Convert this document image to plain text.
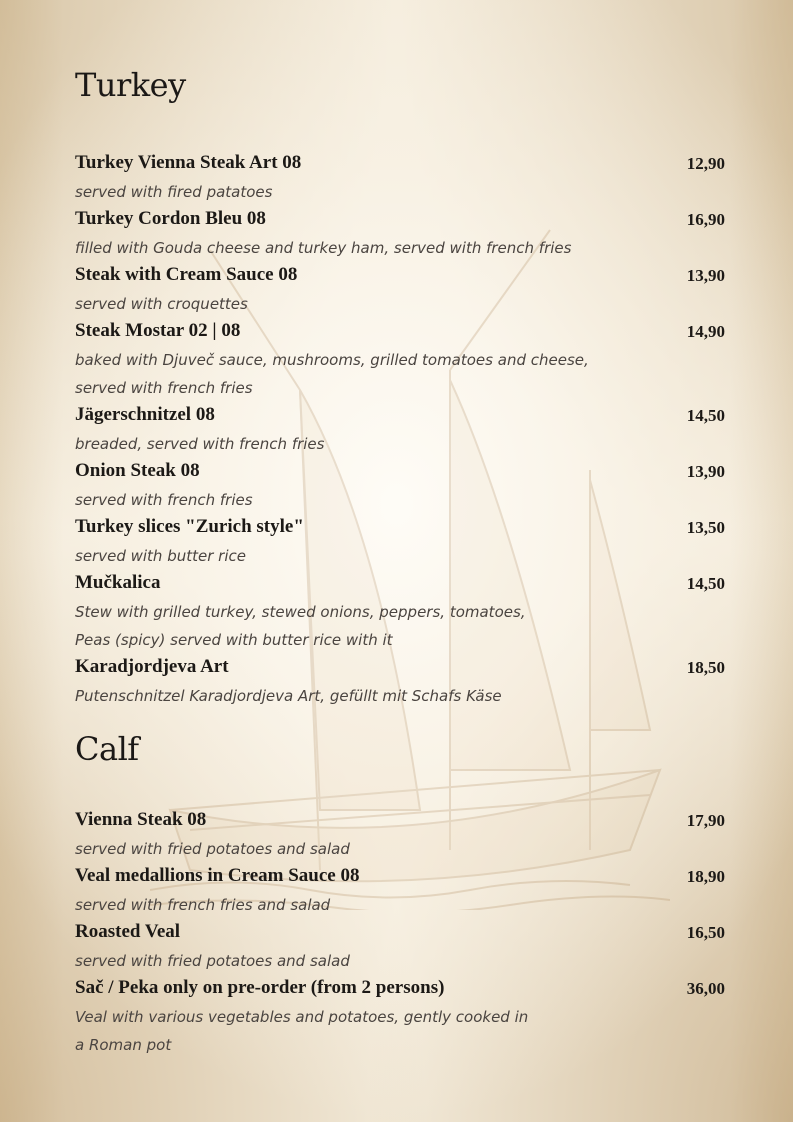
Turkey
Turkey Vienna Steak Art 08	12,90
served with fired patatoes
Turkey Cordon Bleu 08	16,90
filled with Gouda cheese and turkey ham, served with french fries
Steak with Cream Sauce 08	13,90
served with croquettes
Steak Mostar 02 | 08	14,90
baked with Djuveč sauce, mushrooms, grilled tomatoes and cheese,
served with french fries
Jägerschnitzel 08	14,50
breaded, served with french fries
Onion Steak 08	13,90
served with french fries
Turkey slices "Zurich style"	13,50
served with butter rice
Mučkalica	14,50
Stew with grilled turkey, stewed onions, peppers, tomatoes,
Peas (spicy) served with butter rice with it
Karadjordjeva Art	18,50
Putenschnitzel Karadjordjeva Art, gefüllt mit Schafs Käse
Calf
Vienna Steak 08	17,90
served with fried potatoes and salad
Veal medallions in Cream Sauce 08	18,90
served with french fries and salad
Roasted Veal	16,50
served with fried potatoes and salad
Sač / Peka only on pre-order (from 2 persons)	36,00
Veal with various vegetables and potatoes, gently cooked in
a Roman pot
